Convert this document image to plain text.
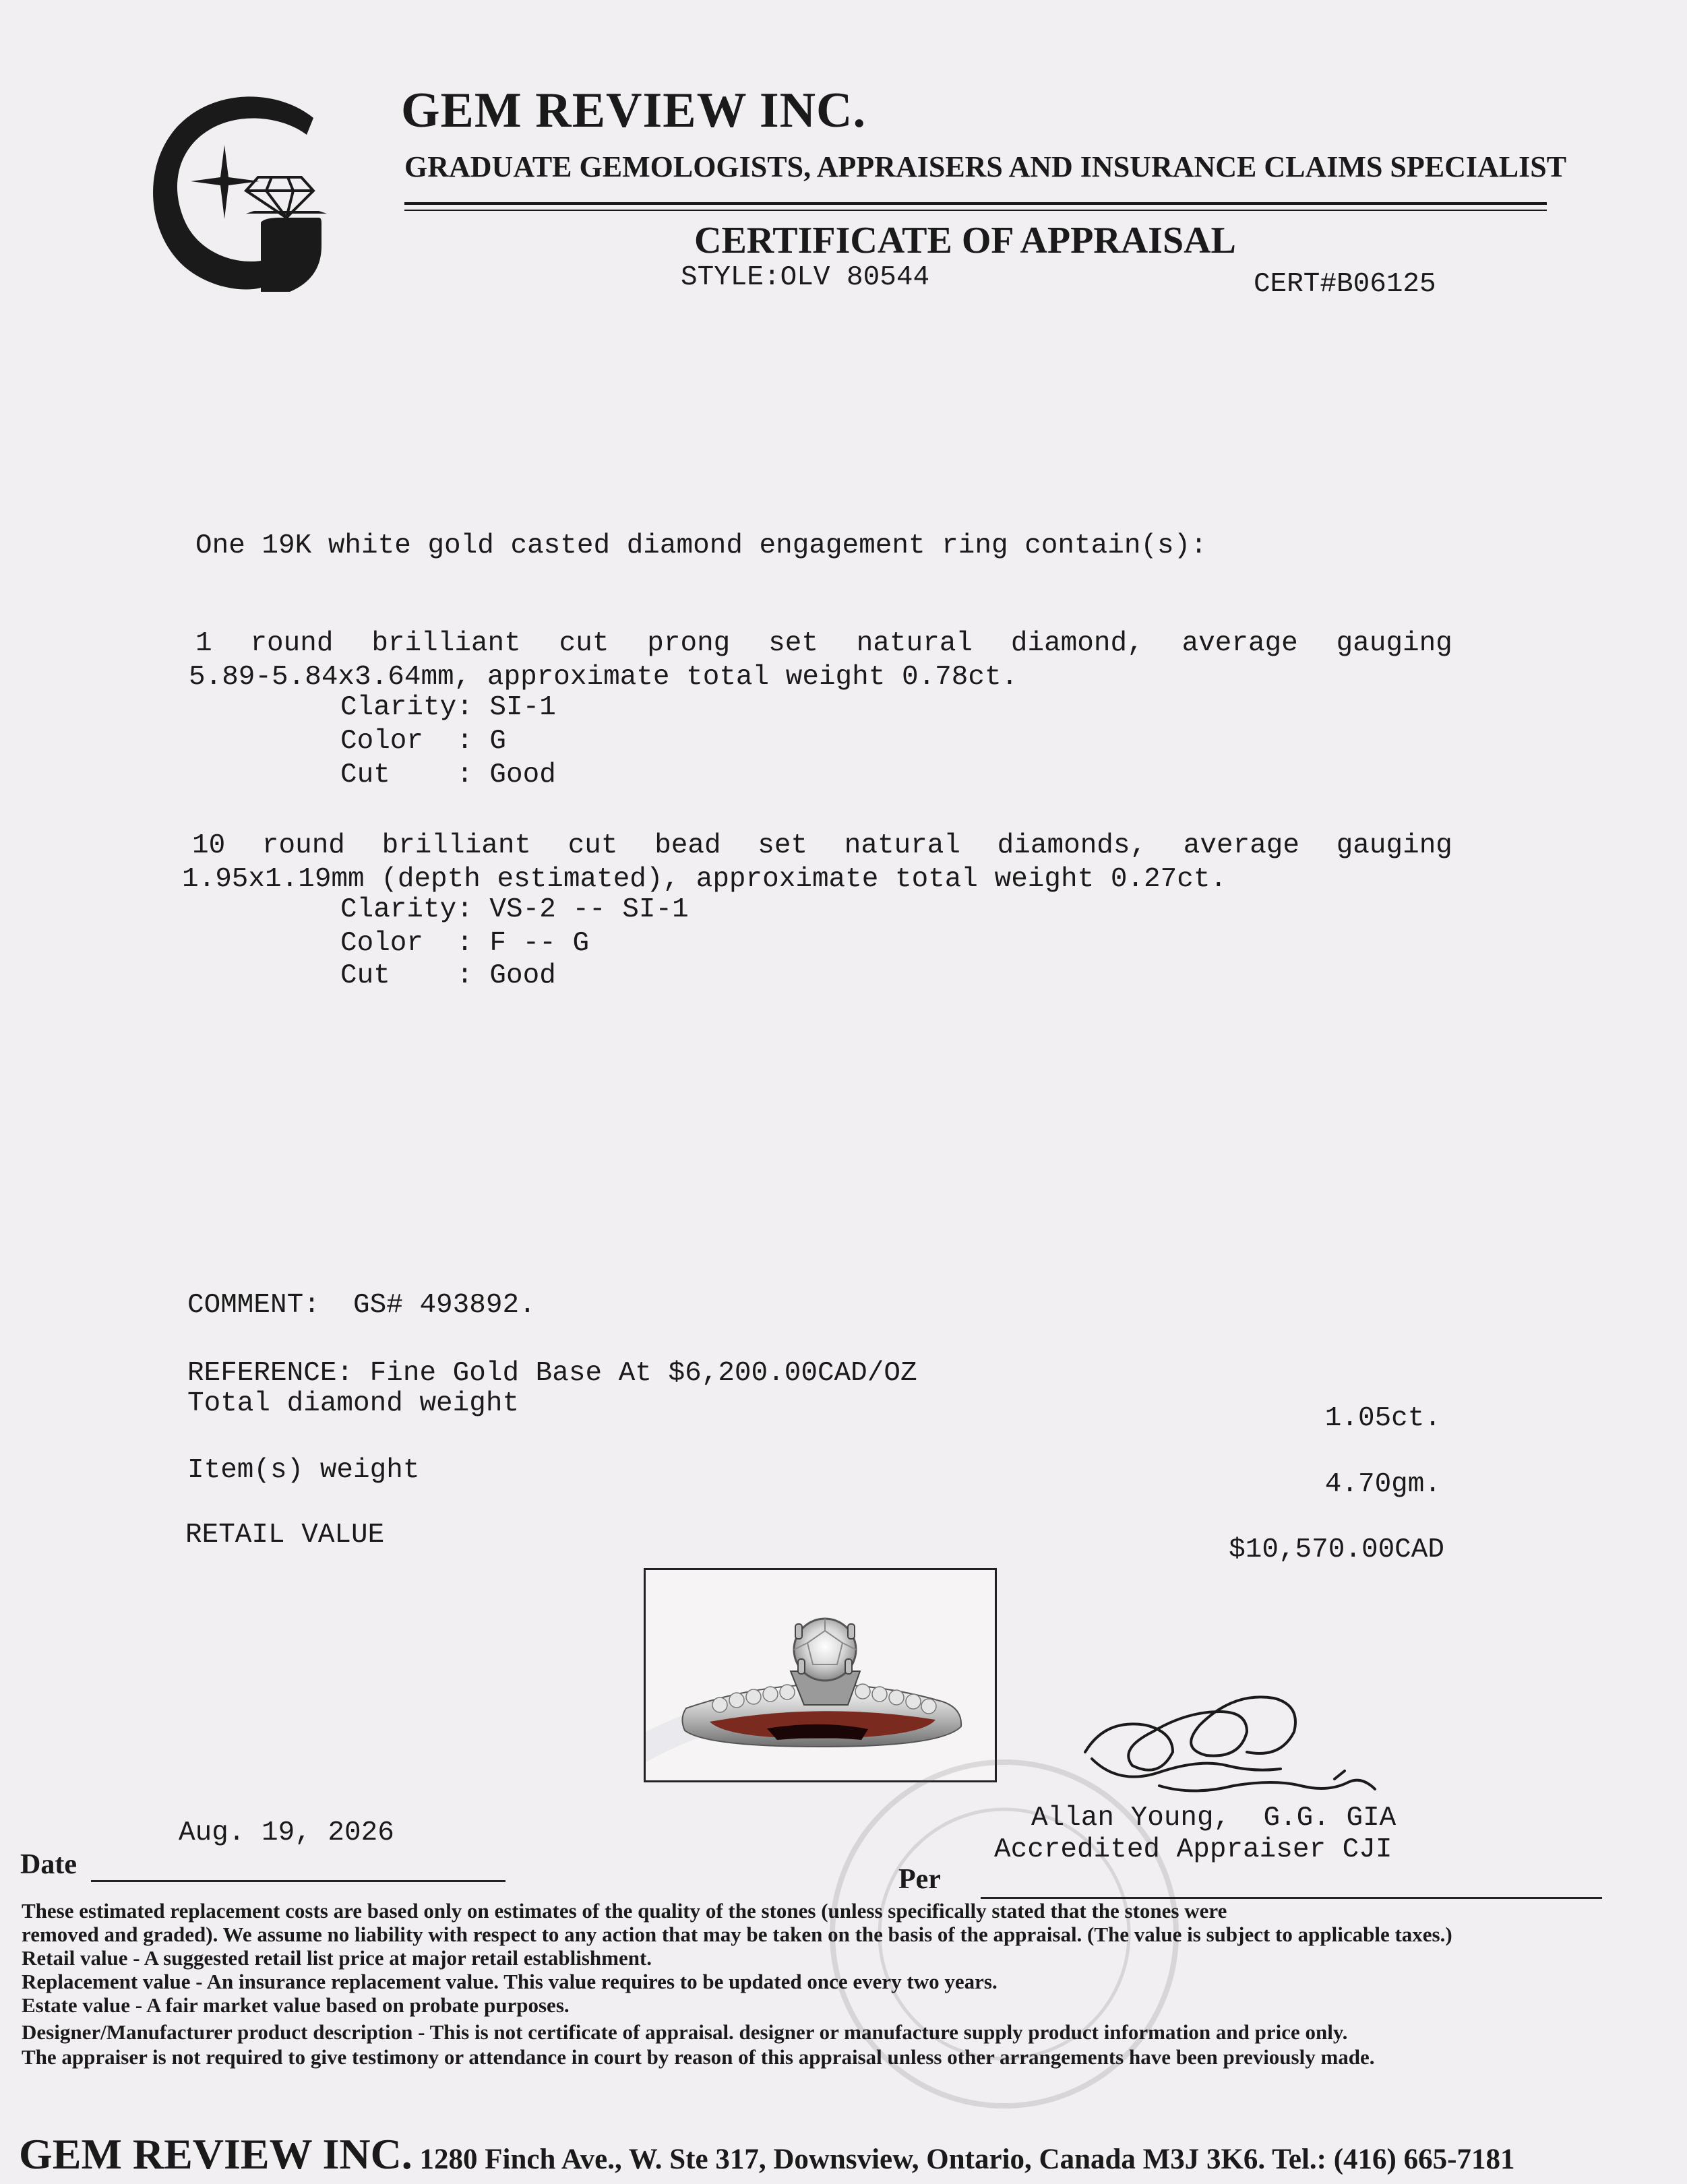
GEM REVIEW INC.
GRADUATE GEMOLOGISTS, APPRAISERS AND INSURANCE CLAIMS SPECIALIST
CERTIFICATE OF APPRAISAL
STYLE:OLV 80544	CERT#B06125
One 19K white gold casted diamond engagement ring contain(s):
1 round brilliant cut prong set natural diamond, average gauging
5.89-5.84x3.64mm, approximate total weight 0.78ct.
Clarity: SI-1
Color  : G
Cut    : Good
10 round brilliant cut bead set natural diamonds, average gauging
1.95x1.19mm (depth estimated), approximate total weight 0.27ct.
Clarity: VS-2 -- SI-1
Color  : F -- G
Cut    : Good
COMMENT:  GS# 493892.
REFERENCE: Fine Gold Base At $6,200.00CAD/OZ
Total diamond weight	1.05ct.
Item(s) weight	4.70gm.
RETAIL VALUE	$10,570.00CAD
Allan Young,  G.G. GIA
Accredited Appraiser CJI
Aug. 19, 2026
Date	Per
These estimated replacement costs are based only on estimates of the quality of the stones (unless specifically stated that the stones were
removed and graded). We assume no liability with respect to any action that may be taken on the basis of the appraisal. (The value is subject to applicable taxes.)
Retail value - A suggested retail list price at major retail establishment.
Replacement value - An insurance replacement value. This value requires to be updated once every two years.
Estate value - A fair market value based on probate purposes.
Designer/Manufacturer product description - This is not certificate of appraisal. designer or manufacture supply product information and price only.
The appraiser is not required to give testimony or attendance in court by reason of this appraisal unless other arrangements have been previously made.
GEM REVIEW INC. 1280 Finch Ave., W. Ste 317, Downsview, Ontario, Canada M3J 3K6. Tel.: (416) 665-7181
